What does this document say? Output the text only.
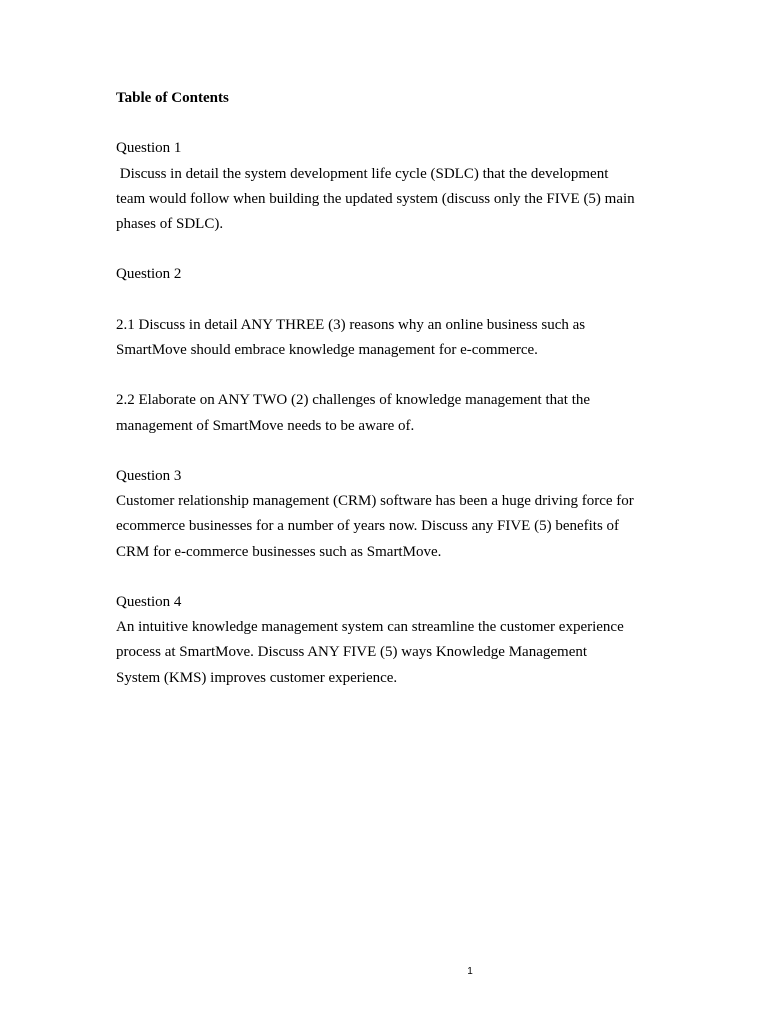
Table of Contents

Question 1

Discuss in detail the system development life cycle (SDLC) that the development

team would follow when building the updated system (discuss only the FIVE (5) main

phases of SDLC).

Question 2

2.1 Discuss in detail ANY THREE (3) reasons why an online business such as

SmartMove should embrace knowledge management for e-commerce.

2.2 Elaborate on ANY TWO (2) challenges of knowledge management that the

management of SmartMove needs to be aware of.

Question 3

Customer relationship management (CRM) software has been a huge driving force for

ecommerce businesses for a number of years now. Discuss any FIVE (5) benefits of

CRM for e-commerce businesses such as SmartMove.

Question 4

An intuitive knowledge management system can streamline the customer experience

process at SmartMove. Discuss ANY FIVE (5) ways Knowledge Management

System (KMS) improves customer experience.

1
